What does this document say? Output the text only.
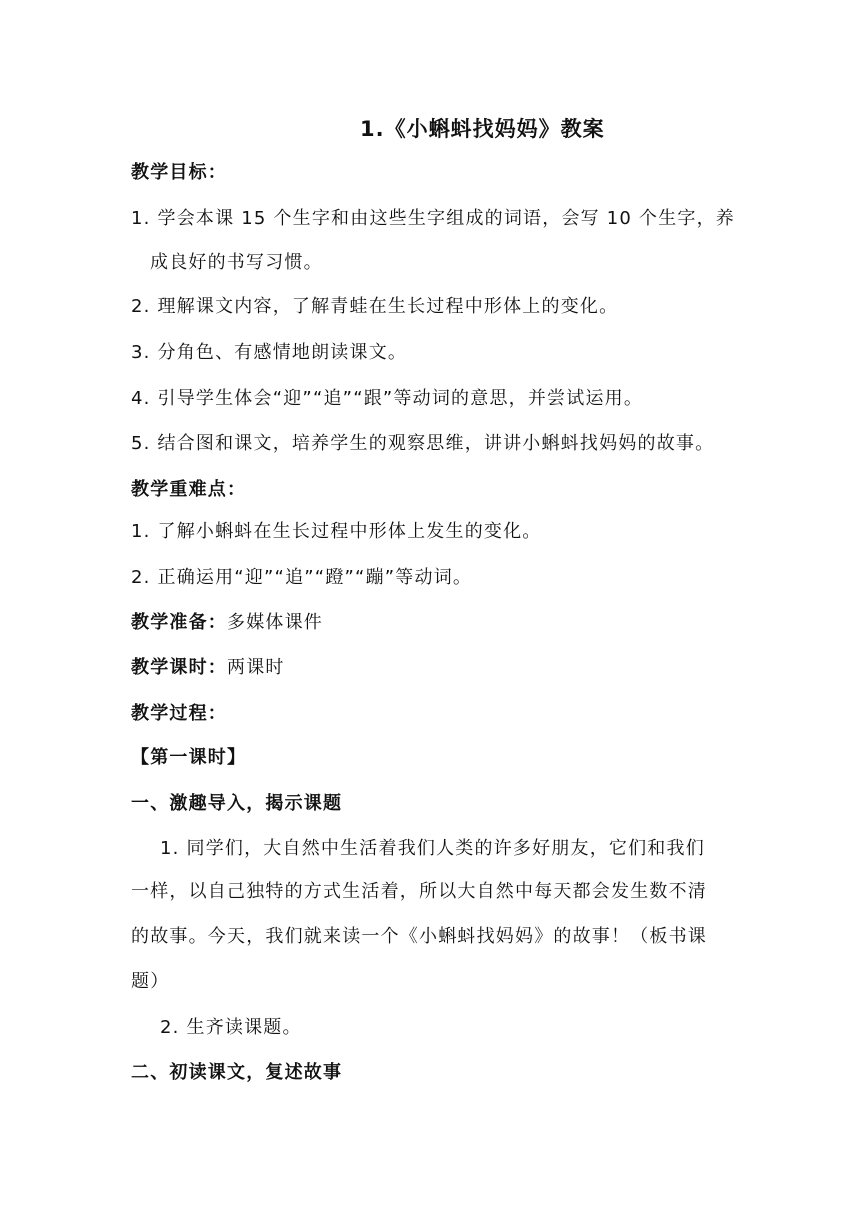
1.《小蝌蚪找妈妈》教案
教学目标：
1. 学会本课 15 个生字和由这些生字组成的词语，会写 10 个生字，养
成良好的书写习惯。
2. 理解课文内容，了解青蛙在生长过程中形体上的变化。
3. 分角色、有感情地朗读课文。
4. 引导学生体会“迎”“追”“跟”等动词的意思，并尝试运用。
5. 结合图和课文，培养学生的观察思维，讲讲小蝌蚪找妈妈的故事。
教学重难点：
1. 了解小蝌蚪在生长过程中形体上发生的变化。
2. 正确运用“迎”“追”“蹬”“蹦”等动词。
教学准备：多媒体课件
教学课时：两课时
教学过程：
【第一课时】
一、激趣导入，揭示课题
1. 同学们，大自然中生活着我们人类的许多好朋友，它们和我们
一样，以自己独特的方式生活着，所以大自然中每天都会发生数不清
的故事。今天，我们就来读一个《小蝌蚪找妈妈》的故事！（板书课
题）
2. 生齐读课题。
二、初读课文，复述故事
